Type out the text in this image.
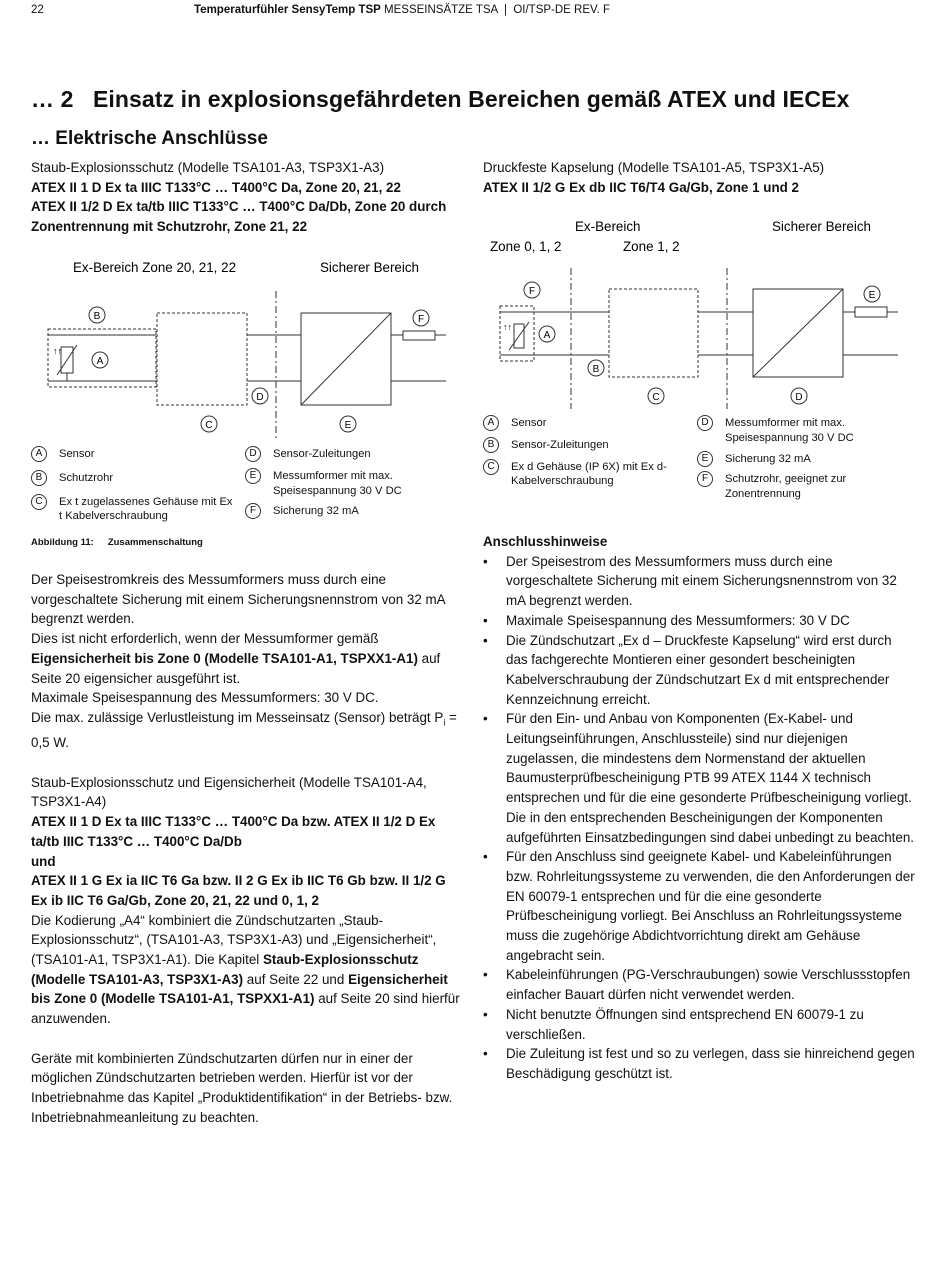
22	Temperaturfühler SensyTemp TSP MESSEINSÄTZE TSA  |  OI/TSP-DE REV. F
… 2   Einsatz in explosionsgefährdeten Bereichen gemäß ATEX und IECEx
… Elektrische Anschlüsse

Staub-Explosionsschutz (Modelle TSA101-A3, TSP3X1-A3)

ATEX II 1 D Ex ta IIIC T133°C … T400°C Da, Zone 20, 21, 22

ATEX II 1/2 D Ex ta/tb IIIC T133°C … T400°C Da/Db, Zone 20 durch Zonentrennung mit Schutzrohr, Zone 21, 22

Ex-Bereich Zone 20, 21, 22	Sicherer Bereich
↑↑
B
A
C
D
E
F
A	Sensor
B	Schutzrohr
C	Ex t zugelassenes Gehäuse mit Ex t Kabelverschraubung
D	Sensor-Zuleitungen
E	Messumformer mit max. Speisespannung 30 V DC
F	Sicherung 32 mA
Abbildung 11: Zusammenschaltung

Der Speisestromkreis des Messumformers muss durch eine vorgeschaltete Sicherung mit einem Sicherungsnennstrom von 32 mA begrenzt werden.

Dies ist nicht erforderlich, wenn der Messumformer gemäß Eigensicherheit bis Zone 0 (Modelle TSA101-A1, TSPXX1-A1) auf Seite 20 eigensicher ausgeführt ist.

Maximale Speisespannung des Messumformers: 30 V DC.

Die max. zulässige Verlustleistung im Messeinsatz (Sensor) beträgt $P_i = 0,5$ W.

Staub-Explosionsschutz und Eigensicherheit (Modelle TSA101-A4, TSP3X1-A4)

ATEX II 1 D Ex ta IIIC T133°C … T400°C Da bzw. ATEX II 1/2 D Ex ta/tb IIIC T133°C … T400°C Da/Db

und

ATEX II 1 G Ex ia IIC T6 Ga bzw. II 2 G Ex ib IIC T6 Gb bzw. II 1/2 G Ex ib IIC T6 Ga/Gb, Zone 20, 21, 22 und 0, 1, 2

Die Kodierung „A4“ kombiniert die Zündschutzarten „Staub-Explosionsschutz“, (TSA101-A3, TSP3X1-A3) und „Eigensicherheit“, (TSA101-A1, TSP3X1-A1). Die Kapitel Staub-Explosionsschutz (Modelle TSA101-A3, TSP3X1-A3) auf Seite 22 und Eigensicherheit bis Zone 0 (Modelle TSA101-A1, TSPXX1-A1) auf Seite 20 sind hierfür anzuwenden.

Geräte mit kombinierten Zündschutzarten dürfen nur in einer der möglichen Zündschutzarten betrieben werden. Hierfür ist vor der Inbetriebnahme das Kapitel „Produktidentifikation“ in der Betriebs- bzw. Inbetriebnahmeanleitung zu beachten.

Druckfeste Kapselung (Modelle TSA101-A5, TSP3X1-A5)

ATEX II 1/2 G Ex db IIC T6/T4 Ga/Gb, Zone 1 und 2

Ex-Bereich	Sicherer Bereich
Zone 0, 1, 2	Zone 1, 2
↑↑
F
A
B
C	D
E
A	Sensor
B	Sensor-Zuleitungen
C	Ex d Gehäuse (IP 6X) mit Ex d-Kabelverschraubung
D	Messumformer mit max. Speisespannung 30 V DC
E	Sicherung 32 mA
F	Schutzrohr, geeignet zur Zonentrennung

Anschlusshinweise

• Der Speisestrom des Messumformers muss durch eine vorgeschaltete Sicherung mit einem Sicherungsnennstrom von 32 mA begrenzt werden.
• Maximale Speisespannung des Messumformers: 30 V DC
• Die Zündschutzart „Ex d – Druckfeste Kapselung“ wird erst durch das fachgerechte Montieren einer gesondert bescheinigten Kabelverschraubung der Zündschutzart Ex d mit entsprechender Kennzeichnung erreicht.
• Für den Ein- und Anbau von Komponenten (Ex-Kabel- und Leitungseinführungen, Anschlussteile) sind nur diejenigen zugelassen, die mindestens dem Normenstand der aktuellen Baumusterprüfbescheinigung PTB 99 ATEX 1144 X technisch entsprechen und für die eine gesonderte Prüfbescheinigung vorliegt. Die in den entsprechenden Bescheinigungen der Komponenten aufgeführten Einsatzbedingungen sind dabei unbedingt zu beachten.
• Für den Anschluss sind geeignete Kabel- und Kabeleinführungen bzw. Rohrleitungssysteme zu verwenden, die den Anforderungen der EN 60079-1 entsprechen und für die eine gesonderte Prüfbescheinigung vorliegt. Bei Anschluss an Rohrleitungssysteme muss die zugehörige Abdichtvorrichtung direkt am Gehäuse angebracht sein.
• Kabeleinführungen (PG-Verschraubungen) sowie Verschlussstopfen einfacher Bauart dürfen nicht verwendet werden.
• Nicht benutzte Öffnungen sind entsprechend EN 60079-1 zu verschließen.
• Die Zuleitung ist fest und so zu verlegen, dass sie hinreichend gegen Beschädigung geschützt ist.
